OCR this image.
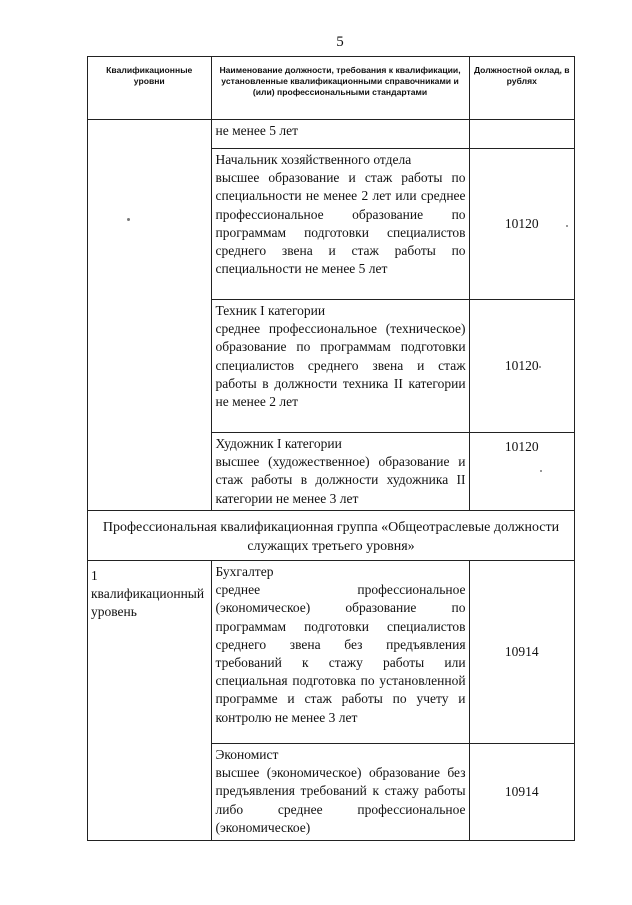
5
Квалификационные уровни	Наименование должности, требования к квалификации, установленные квалификационными справочниками и (или) профессиональными стандартами	Должностной оклад, в рублях
	не менее 5 лет	

	Начальник хозяйственного отдела
высшее образование и стаж работы по специальности не менее 2 лет или среднее профессиональное образование по программам подготовки специалистов среднего звена и стаж работы по специальности не менее 5 лет	10120

	Техник I категории
среднее профессиональное (техническое) образование по программам подготовки специалистов среднего звена и стаж работы в должности техника II категории не менее 2 лет	10120

	Художник I категории
высшее (художественное) образование и стаж работы в должности художника II категории не менее 3 лет	10120
Профессиональная квалификационная группа «Общеотраслевые должности служащих третьего уровня»		
1 квалификационный уровень	Бухгалтер
среднее профессиональное (экономическое) образование по программам подготовки специалистов среднего звена без предъявления требований к стажу работы или специальная подготовка по установленной программе и стаж работы по учету и контролю не менее 3 лет	10914

	Экономист
высшее (экономическое) образование без предъявления требований к стажу работы либо среднее профессиональное (экономическое)	10914
